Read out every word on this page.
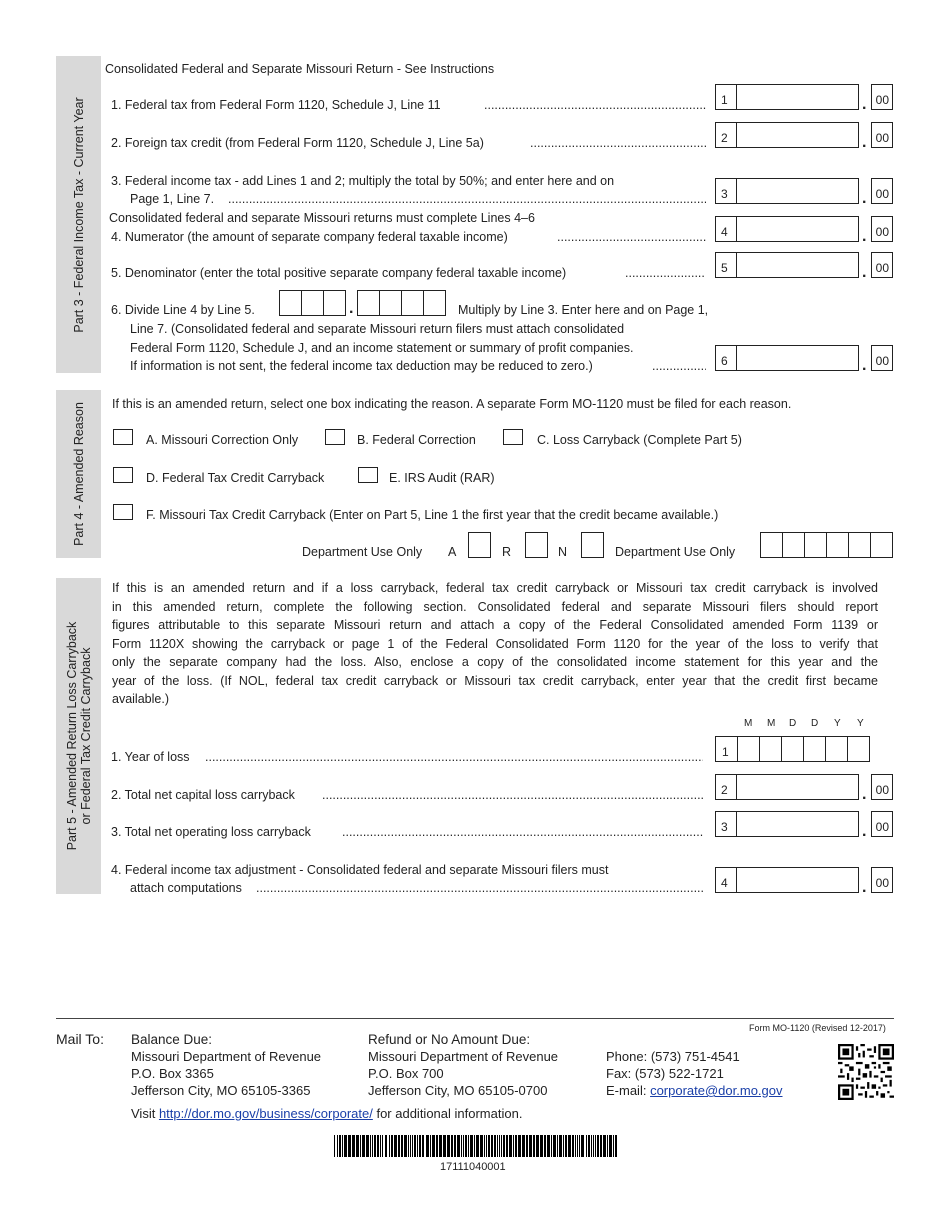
Part 3 - Federal Income Tax - Current Year
Consolidated Federal and Separate Missouri Return - See Instructions
1. Federal tax from Federal Form 1120, Schedule J, Line 11 .....	1	. 00
2. Foreign tax credit (from Federal Form 1120, Schedule J, Line 5a) .....	2	. 00
3. Federal income tax - add Lines 1 and 2; multiply the total by 50%; and enter here and on
Page 1, Line 7. .....	3	. 00
Consolidated federal and separate Missouri returns must complete Lines 4–6
4. Numerator (the amount of separate company federal taxable income) .....	4	. 00
5. Denominator (enter the total positive separate company federal taxable income) .....	5	. 00
6. Divide Line 4 by Line 5.	.	Multiply by Line 3. Enter here and on Page 1,
Line 7. (Consolidated federal and separate Missouri return filers must attach consolidated
Federal Form 1120, Schedule J, and an income statement or summary of profit companies.
If information is not sent, the federal income tax deduction may be reduced to zero.) .....	6	. 00
Part 4 - Amended Reason If this is an amended return, select one box indicating the reason. A separate Form MO-1120 must be filed for each reason.
A. Missouri Correction Only	B. Federal Correction	C. Loss Carryback (Complete Part 5)
D. Federal Tax Credit Carryback	E. IRS Audit (RAR)
F. Missouri Tax Credit Carryback (Enter on Part 5, Line 1 the first year that the credit became available.)
Department Use Only A	R	N	Department Use Only
Part 5 - Amended Return Loss Carryback or Federal Tax Credit Carryback
If this is an amended return and if a loss carryback, federal tax credit carryback or Missouri tax credit carryback is involved
in this amended return, complete the following section. Consolidated federal and separate Missouri filers should report
figures attributable to this separate Missouri return and attach a copy of the Federal Consolidated amended Form 1139 or
Form 1120X showing the carryback or page 1 of the Federal Consolidated Form 1120 for the year of the loss to verify that
only the separate company had the loss. Also, enclose a copy of the consolidated income statement for this year and the
year of the loss. (If NOL, federal tax credit carryback or Missouri tax credit carryback, enter year that the credit first became
available.)
M M D D Y Y
1. Year of loss .....	1
2. Total net capital loss carryback .....	2	. 00
3. Total net operating loss carryback .....	3	. 00
4. Federal income tax adjustment - Consolidated federal and separate Missouri filers must
attach computations .....	4	. 00
Form MO-1120 (Revised 12-2017)
Mail To: Balance Due:
Missouri Department of Revenue
P.O. Box 3365
Jefferson City, MO 65105-3365
Refund or No Amount Due:
Missouri Department of Revenue
P.O. Box 700
Jefferson City, MO 65105-0700
Phone: (573) 751-4541
Fax: (573) 522-1721
E-mail: corporate@dor.mo.gov
Visit http://dor.mo.gov/business/corporate/ for additional information.
17111040001
